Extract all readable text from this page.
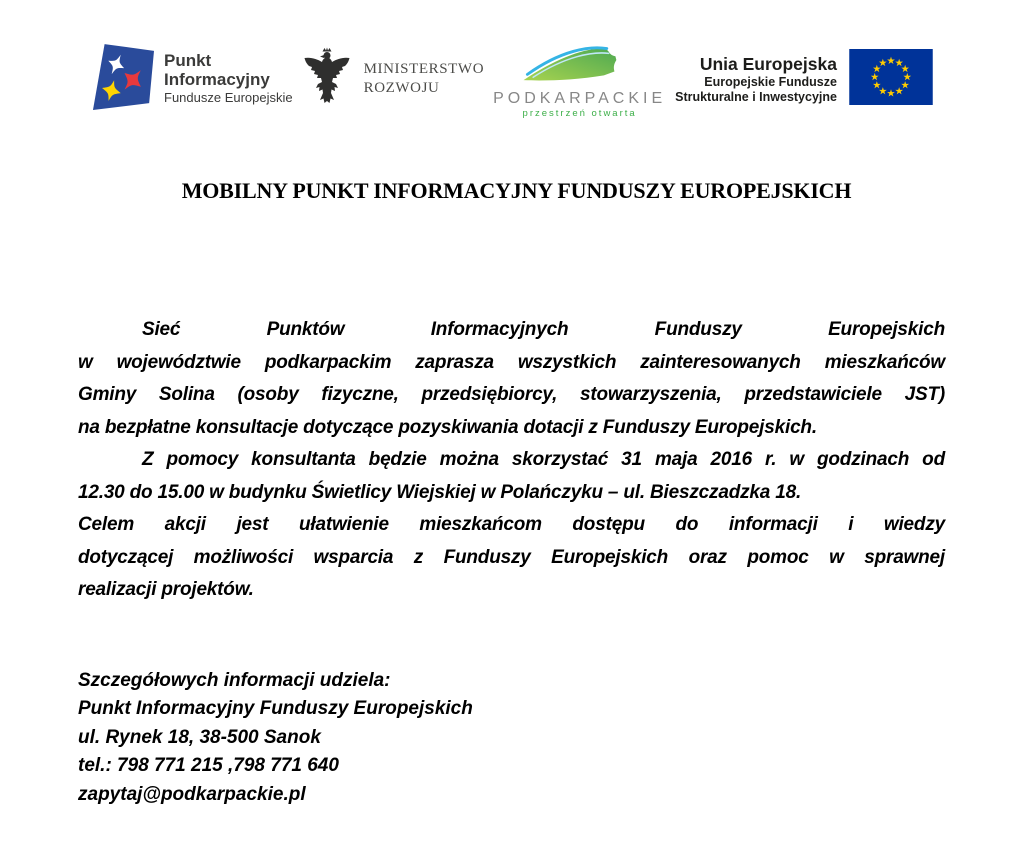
Punkt
Informacyjny
Fundusze Europejskie
MINISTERSTWO
ROZWOJU
PODKARPACKIE
przestrzeń otwarta
Unia Europejska
Europejskie Fundusze
Strukturalne i Inwestycyjne
MOBILNY PUNKT INFORMACYJNY FUNDUSZY EUROPEJSKICH
Sieć Punktów Informacyjnych Funduszy Europejskich
w województwie podkarpackim zaprasza wszystkich zainteresowanych mieszkańców
Gminy Solina (osoby fizyczne, przedsiębiorcy, stowarzyszenia, przedstawiciele JST)
na bezpłatne konsultacje dotyczące pozyskiwania dotacji z Funduszy Europejskich.
Z pomocy konsultanta będzie można skorzystać 31 maja 2016 r. w godzinach od
12.30 do 15.00 w budynku Świetlicy Wiejskiej w Polańczyku – ul. Bieszczadzka 18.
Celem akcji jest ułatwienie mieszkańcom dostępu do informacji i wiedzy
dotyczącej możliwości wsparcia z Funduszy Europejskich oraz pomoc w sprawnej
realizacji projektów.
Szczegółowych informacji udziela:
Punkt Informacyjny Funduszy Europejskich
ul. Rynek 18, 38-500 Sanok
tel.: 798 771 215 ,798 771 640
zapytaj@podkarpackie.pl
